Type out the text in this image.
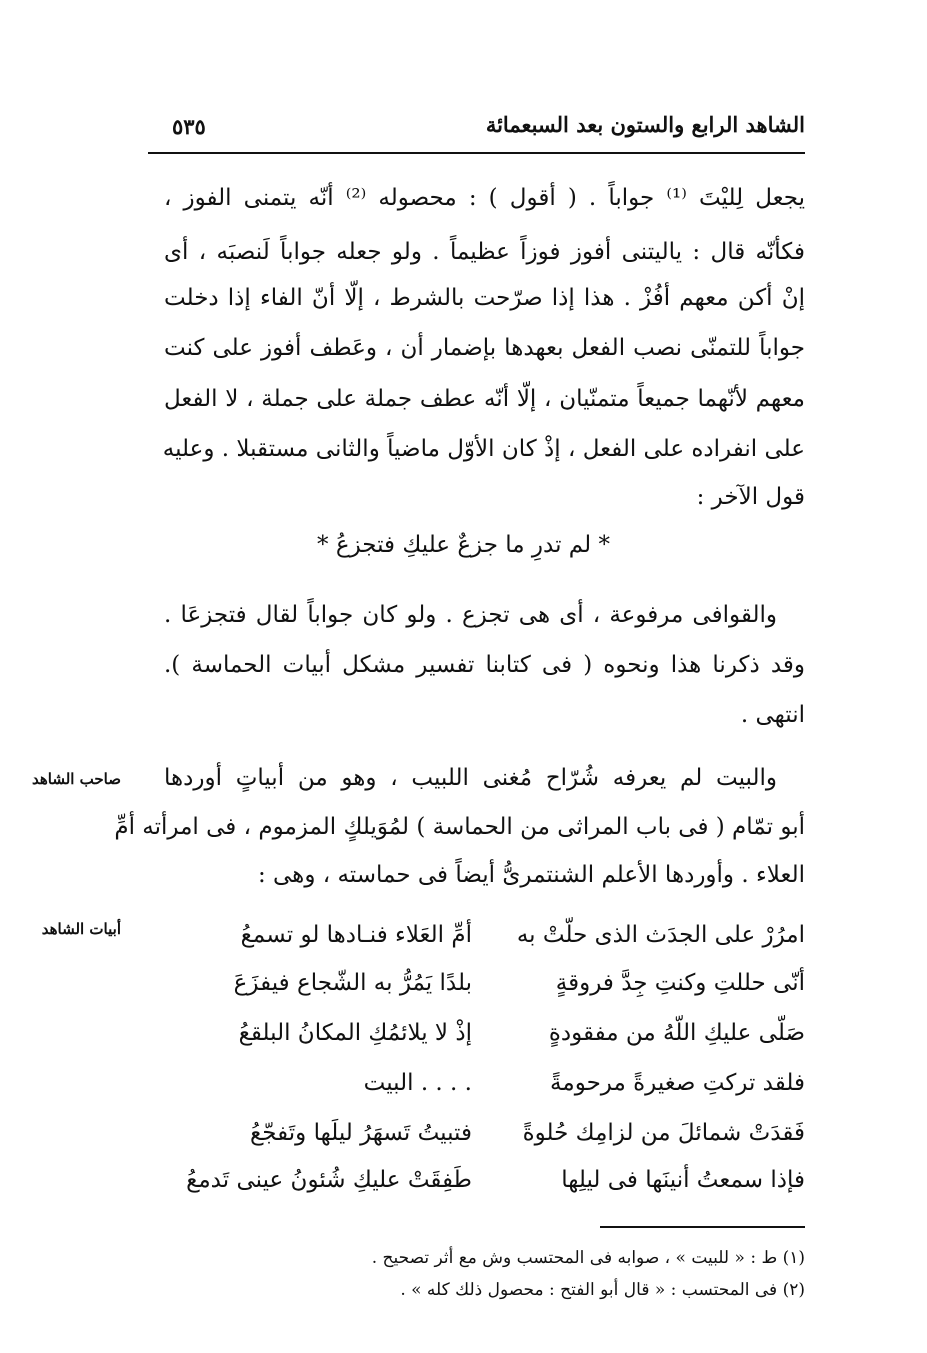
الشاهد الرابع والستون بعد السبعمائة
٥٣٥
يجعل لِليْتَ ⁽¹⁾ جواباً . ( أقول ) : محصوله ⁽²⁾ أنّه يتمنى الفوز ،
فكأنّه قال : ياليتنى أفوز فوزاً عظيماً . ولو جعله جواباً لَنصبَه ، أى
إنْ أكن معهم أفُزْ . هذا إذا صرّحت بالشرط ، إلّا أنّ الفاء إذا دخلت
جواباً للتمنّى نصب الفعل بعهدها بإضمار أن ، وعَطف أفوز على كنت
معهم لأنّهما جميعاً متمنّيان ، إلّا أنّه عطف جملة على جملة ، لا الفعل
على انفراده على الفعل ، إذْ كان الأوّل ماضياً والثانى مستقبلا . وعليه
قول الآخر :
* لم تدرِ ما جزعٌ عليكِ فتجزعُ *
والقوافى مرفوعة ، أى هى تجزع . ولو كان جواباً لقال فتجزعَا .
وقد ذكرنا هذا ونحوه ( فى كتابنا تفسير مشكل أبيات الحماسة ).
انتهى .
والبيت لم يعرفه شُرّاح مُغنى اللبيب ، وهو من أبياتٍ أوردها
أبو تمّام ( فى باب المراثى من الحماسة ) لمُوَيلكٍ المزموم ، فى امرأته أمِّ
العلاء . وأوردها الأعلم الشنتمرىُّ أيضاً فى حماسته ، وهى :
صاحب الشاهد
أبيات الشاهد	امرُرْ على الجدَث الذى حلّتْ به
أمِّ العَلاء فنـادها لو تسمعُ
أنّى حللتِ وكنتِ جِدَّ فروقةٍ
بلدًا يَمُرُّ به الشّجاع فيفزَعَ
صَلّى عليكِ اللّهُ من مفقودةٍ
إذْ لا يلائمُكِ المكانُ البلقعُ
فلقد تركتِ صغيرةً مرحومةً
. . . . البيت
فَقدَتْ شمائلَ من لزامِك حُلوةً
فتبيتُ تَسهَرُ ليلَها وتَفجّعُ
فإذا سمعتُ أنينَها فى ليلِها
طَفِقَتْ عليكِ شُئونُ عينى تَدمعُ
(١) ط : « للبيت » ، صوابه فى المحتسب وش مع أثر تصحيح .
(٢) فى المحتسب : « قال أبو الفتح : محصول ذلك كله » .
